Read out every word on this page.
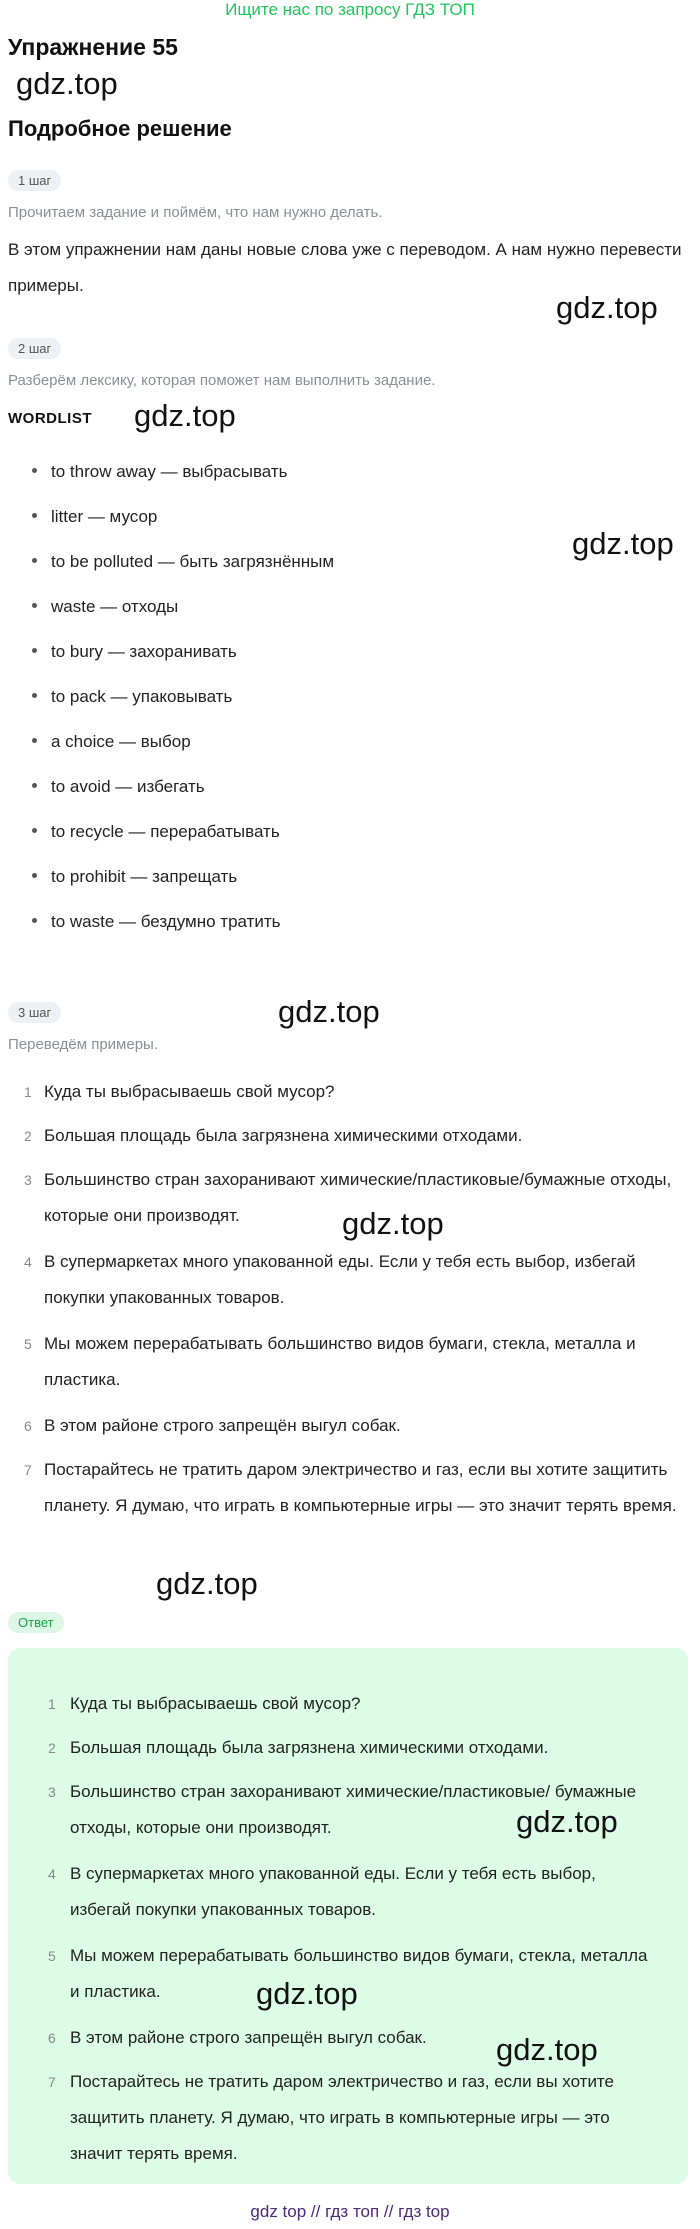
Ищите нас по запросу ГДЗ ТОП
Упражнение 55
gdz.top
Подробное решение
1 шаг
Прочитаем задание и поймём, что нам нужно делать.
В этом упражнении нам даны новые слова уже с переводом. А нам нужно перевести примеры.
gdz.top
2 шаг
Разберём лексику, которая поможет нам выполнить задание.
WORDLIST gdz.top
gdz.top
to throw away — выбрасывать
litter — мусор
to be polluted — быть загрязнённым
waste — отходы
to bury — захоранивать
to pack — упаковывать
a choice — выбор
to avoid — избегать
to recycle — перерабатывать
to prohibit — запрещать
to waste — бездумно тратить
3 шаг	gdz.top
Переведём примеры.
1 Куда ты выбрасываешь свой мусор?
2 Большая площадь была загрязнена химическими отходами.
3 Большинство стран захоранивают химические/пластиковые/бумажные отходы, которые они производят.	gdz.top
4 В супермаркетах много упакованной еды. Если у тебя есть выбор, избегай покупки упакованных товаров.
5 Мы можем перерабатывать большинство видов бумаги, стекла, металла и пластика.
6 В этом районе строго запрещён выгул собак.
7 Постарайтесь не тратить даром электричество и газ, если вы хотите защитить планету. Я думаю, что играть в компьютерные игры — это значит терять время.
gdz.top
Ответ
1 Куда ты выбрасываешь свой мусор?
2 Большая площадь была загрязнена химическими отходами.
3 Большинство стран захоранивают химические/пластиковые/ бумажные отходы, которые они производят.	gdz.top
4 В супермаркетах много упакованной еды. Если у тебя есть выбор, избегай покупки упакованных товаров.
5 Мы можем перерабатывать большинство видов бумаги, стекла, металла и пластика.	gdz.top
6 В этом районе строго запрещён выгул собак.	gdz.top
7 Постарайтесь не тратить даром электричество и газ, если вы хотите защитить планету. Я думаю, что играть в компьютерные игры — это значит терять время.
gdz top // гдз топ // гдз top
